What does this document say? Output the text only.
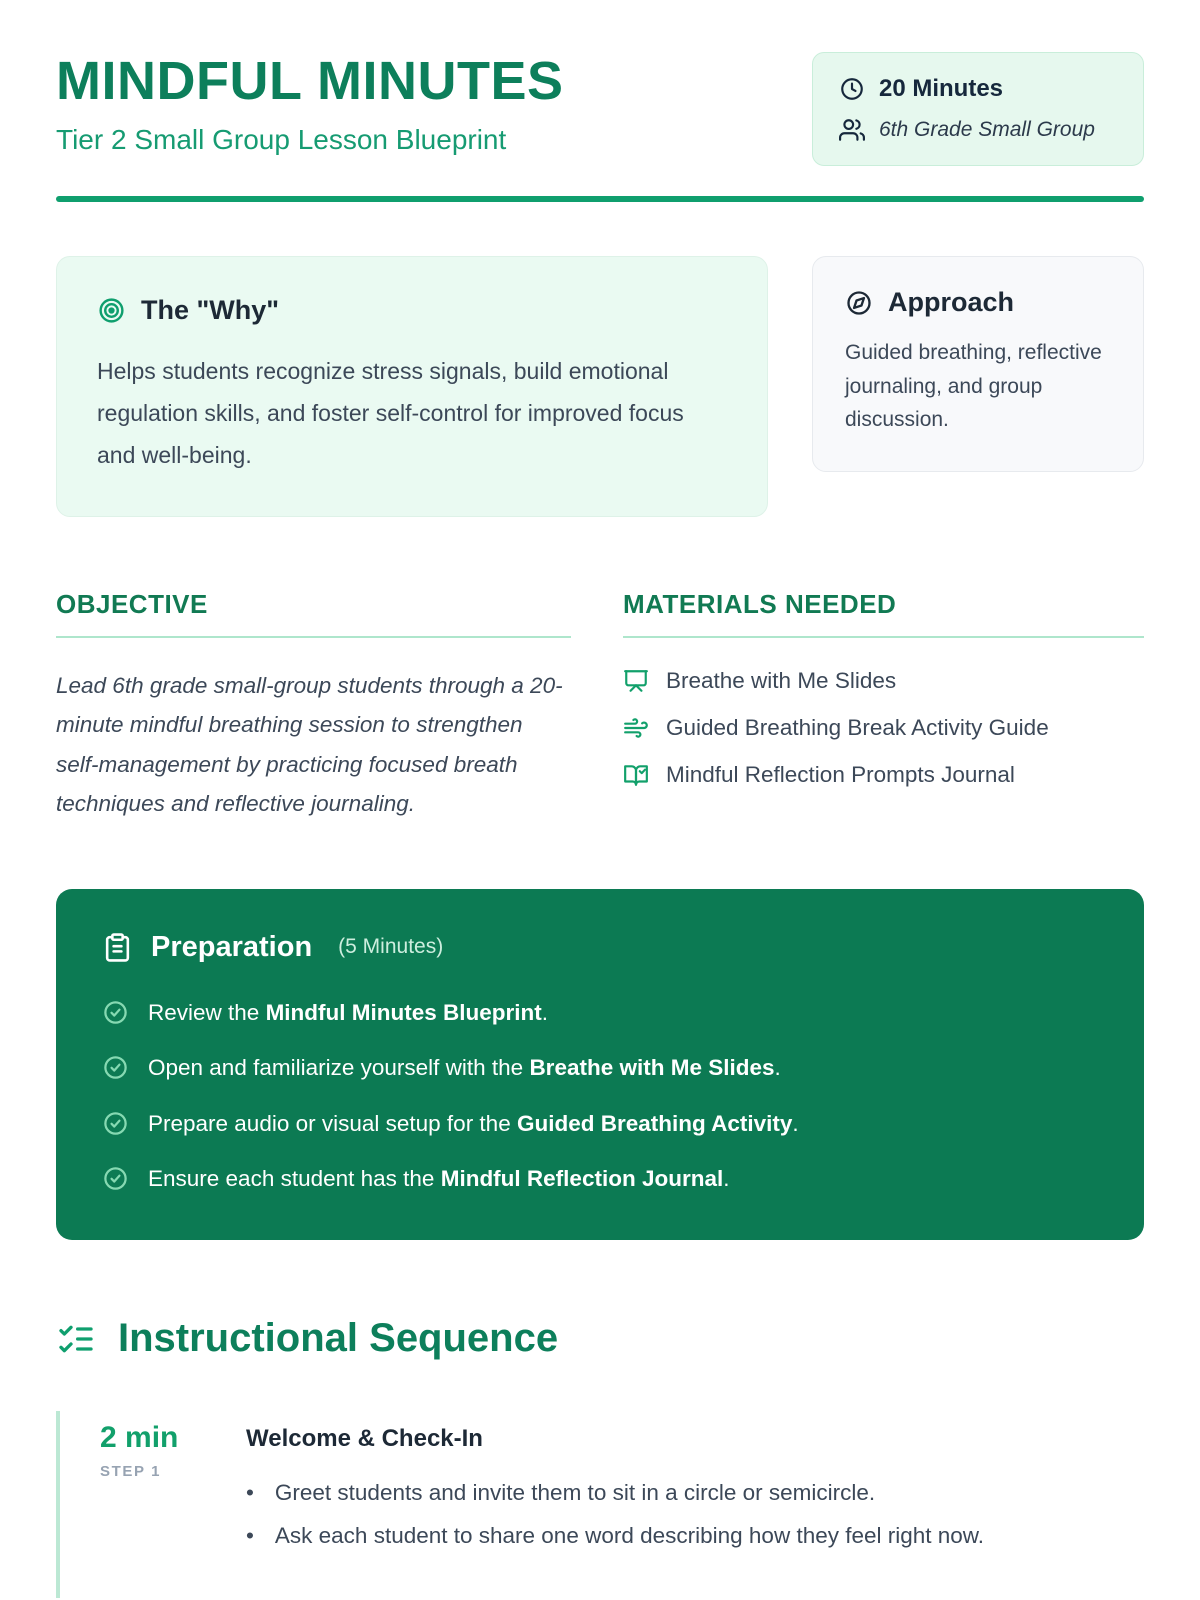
MINDFUL MINUTES

Tier 2 Small Group Lesson Blueprint

20 Minutes
6th Grade Small Group
The "Why"

Helps students recognize stress signals, build emotional regulation skills, and foster self-control for improved focus and well-being.

Approach

Guided breathing, reflective journaling, and group discussion.

OBJECTIVE

Lead 6th grade small-group students through a 20-minute mindful breathing session to strengthen self-management by practicing focused breath techniques and reflective journaling.

MATERIALS NEEDED
Breathe with Me Slides
Guided Breathing Break Activity Guide
Mindful Reflection Prompts Journal
Preparation (5 Minutes)
Review the Mindful Minutes Blueprint.
Open and familiarize yourself with the Breathe with Me Slides.
Prepare audio or visual setup for the Guided Breathing Activity.
Ensure each student has the Mindful Reflection Journal.
Instructional Sequence
2 min
STEP 1
Welcome & Check-In
• Greet students and invite them to sit in a circle or semicircle.
• Ask each student to share one word describing how they feel right now.
